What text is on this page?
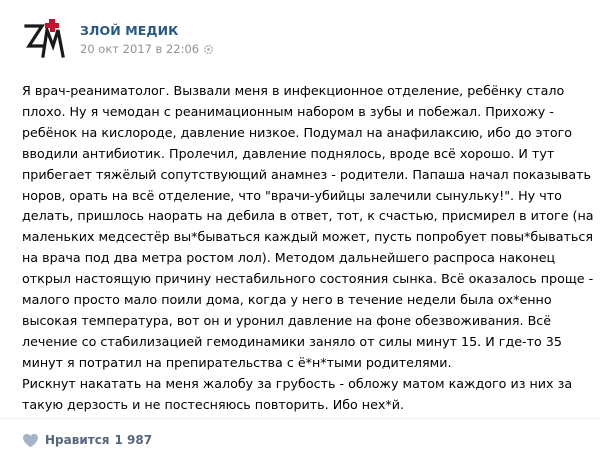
ЗЛОЙ МЕДИК
20 окт 2017 в 22:06

Я врач-реаниматолог. Вызвали меня в инфекционное отделение, ребёнку стало

плохо. Ну я чемодан с реанимационным набором в зубы и побежал. Прихожу -

ребёнок на кислороде, давление низкое. Подумал на анафилаксию, ибо до этого

вводили антибиотик. Пролечил, давление поднялось, вроде всё хорошо. И тут

прибегает тяжёлый сопутствующий анамнез - родители. Папаша начал показывать

норов, орать на всё отделение, что "врачи-убийцы залечили сынульку!". Ну что

делать, пришлось наорать на дебила в ответ, тот, к счастью, присмирел в итоге (на

маленьких медсестёр вы*бываться каждый может, пусть попробует повы*бываться

на врача под два метра ростом лол). Методом дальнейшего распроса наконец

открыл настоящую причину нестабильного состояния сынка. Всё оказалось проще -

малого просто мало поили дома, когда у него в течение недели была ох*енно

высокая температура, вот он и уронил давление на фоне обезвоживания. Всё

лечение со стабилизацией гемодинамики заняло от силы минут 15. И где-то 35

минут я потратил на препирательства с ё*н*тыми родителями.

Рискнут накатать на меня жалобу за грубость - обложу матом каждого из них за

такую дерзость и не постесняюсь повторить. Ибо нех*й.

Нравится 1 987
